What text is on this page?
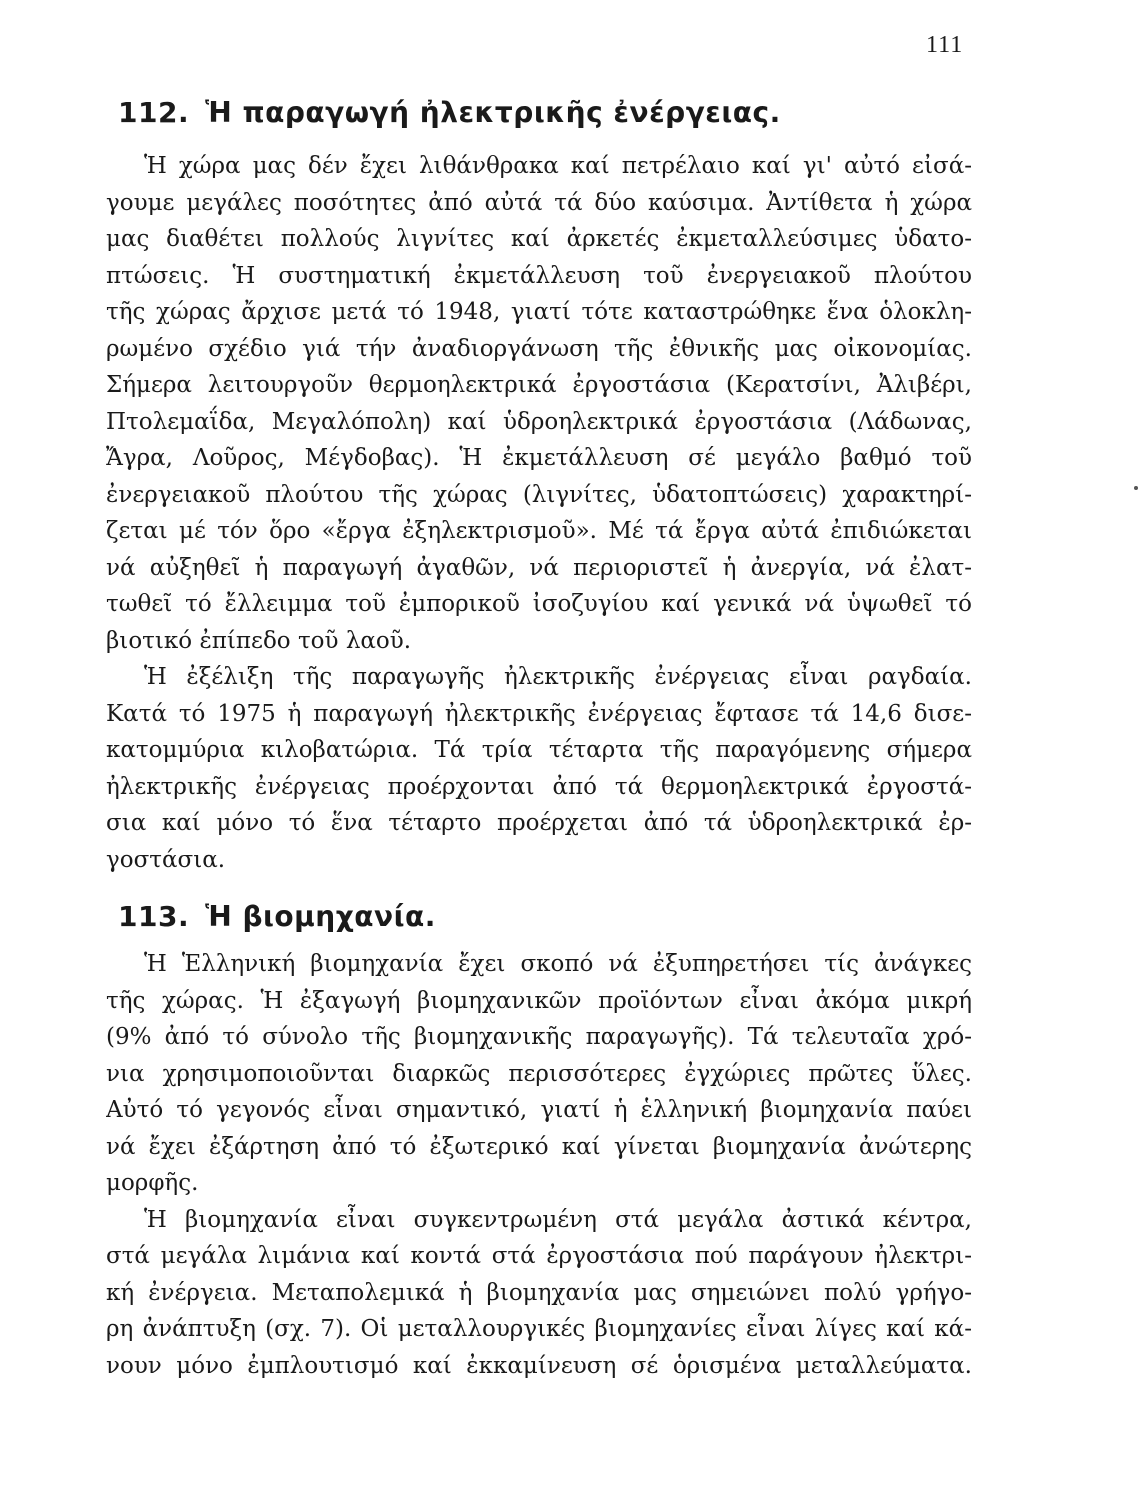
111
112. Ἡ παραγωγή ἠλεκτρικῆς ἐνέργειας.
Ἡ χώρα μας δέν ἔχει λιθάνθρακα καί πετρέλαιο καί γι' αὐτό εἰσά-
γουμε μεγάλες ποσότητες ἀπό αὐτά τά δύο καύσιμα. Ἀντίθετα ἡ χώρα
μας διαθέτει πολλούς λιγνίτες καί ἀρκετές ἐκμεταλλεύσιμες ὑδατο-
πτώσεις. Ἡ συστηματική ἐκμετάλλευση τοῦ ἐνεργειακοῦ πλούτου
τῆς χώρας ἄρχισε μετά τό 1948, γιατί τότε καταστρώθηκε ἕνα ὁλοκλη-
ρωμένο σχέδιο γιά τήν ἀναδιοργάνωση τῆς ἐθνικῆς μας οἰκονομίας.
Σήμερα λειτουργοῦν θερμοηλεκτρικά ἐργοστάσια (Κερατσίνι, Ἀλιβέρι,
Πτολεμαΐδα, Μεγαλόπολη) καί ὑδροηλεκτρικά ἐργοστάσια (Λάδωνας,
Ἄγρα, Λοῦρος, Μέγδοβας). Ἡ ἐκμετάλλευση σέ μεγάλο βαθμό τοῦ
ἐνεργειακοῦ πλούτου τῆς χώρας (λιγνίτες, ὑδατοπτώσεις) χαρακτηρί-
ζεται μέ τόν ὅρο «ἔργα ἐξηλεκτρισμοῦ». Μέ τά ἔργα αὐτά ἐπιδιώκεται
νά αὐξηθεῖ ἡ παραγωγή ἀγαθῶν, νά περιοριστεῖ ἡ ἀνεργία, νά ἐλατ-
τωθεῖ τό ἔλλειμμα τοῦ ἐμπορικοῦ ἰσοζυγίου καί γενικά νά ὑψωθεῖ τό
βιοτικό ἐπίπεδο τοῦ λαοῦ.
Ἡ ἐξέλιξη τῆς παραγωγῆς ἠλεκτρικῆς ἐνέργειας εἶναι ραγδαία.
Κατά τό 1975 ἡ παραγωγή ἠλεκτρικῆς ἐνέργειας ἔφτασε τά 14,6 δισε-
κατομμύρια κιλοβατώρια. Τά τρία τέταρτα τῆς παραγόμενης σήμερα
ἠλεκτρικῆς ἐνέργειας προέρχονται ἀπό τά θερμοηλεκτρικά ἐργοστά-
σια καί μόνο τό ἕνα τέταρτο προέρχεται ἀπό τά ὑδροηλεκτρικά ἐρ-
γοστάσια.
113. Ἡ βιομηχανία.
Ἡ Ἑλληνική βιομηχανία ἔχει σκοπό νά ἐξυπηρετήσει τίς ἀνάγκες
τῆς χώρας. Ἡ ἐξαγωγή βιομηχανικῶν προϊόντων εἶναι ἀκόμα μικρή
(9% ἀπό τό σύνολο τῆς βιομηχανικῆς παραγωγῆς). Τά τελευταῖα χρό-
νια χρησιμοποιοῦνται διαρκῶς περισσότερες ἐγχώριες πρῶτες ὕλες.
Αὐτό τό γεγονός εἶναι σημαντικό, γιατί ἡ ἑλληνική βιομηχανία παύει
νά ἔχει ἐξάρτηση ἀπό τό ἐξωτερικό καί γίνεται βιομηχανία ἀνώτερης
μορφῆς.
Ἡ βιομηχανία εἶναι συγκεντρωμένη στά μεγάλα ἀστικά κέντρα,
στά μεγάλα λιμάνια καί κοντά στά ἐργοστάσια πού παράγουν ἠλεκτρι-
κή ἐνέργεια. Μεταπολεμικά ἡ βιομηχανία μας σημειώνει πολύ γρήγο-
ρη ἀνάπτυξη (σχ. 7). Οἱ μεταλλουργικές βιομηχανίες εἶναι λίγες καί κά-
νουν μόνο ἐμπλουτισμό καί ἐκκαμίνευση σέ ὁρισμένα μεταλλεύματα.
